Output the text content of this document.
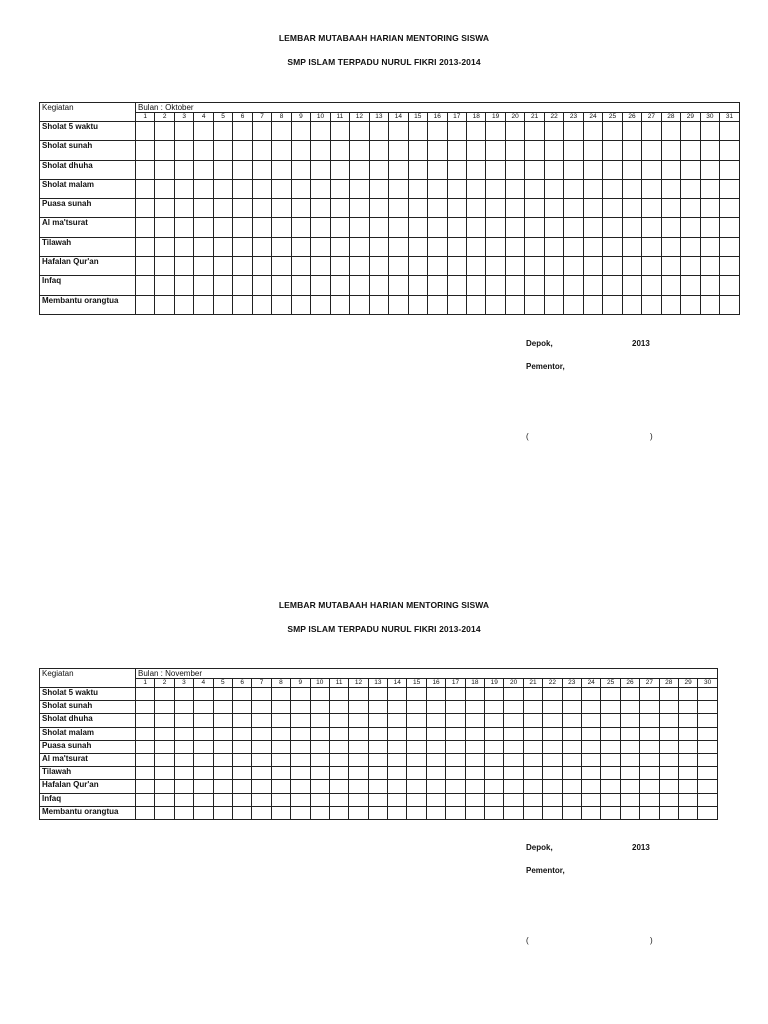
LEMBAR MUTABAAH HARIAN MENTORING SISWA
SMP ISLAM TERPADU NURUL FIKRI 2013-2014
Kegiatan	Bulan : Oktober																														
	1	2	3	4	5	6	7	8	9	10	11	12	13	14	15	16	17	18	19	20	21	22	23	24	25	26	27	28	29	30	31
Sholat 5 waktu																															
Sholat sunah																															
Sholat dhuha																															
Sholat malam																															
Puasa sunah																															
Al ma'tsurat																															
Tilawah																															
Hafalan Qur'an																															
Infaq																															
Membantu orangtua																															
Depok,	2013
Pementor,
(	)
LEMBAR MUTABAAH HARIAN MENTORING SISWA
SMP ISLAM TERPADU NURUL FIKRI 2013-2014
Kegiatan	Bulan : November																													
	1	2	3	4	5	6	7	8	9	10	11	12	13	14	15	16	17	18	19	20	21	22	23	24	25	26	27	28	29	30
Sholat 5 waktu																														
Sholat sunah																														
Sholat dhuha																														
Sholat malam																														
Puasa sunah																														
Al ma'tsurat																														
Tilawah																														
Hafalan Qur'an																														
Infaq																														
Membantu orangtua																														
Depok,	2013
Pementor,
(	)
